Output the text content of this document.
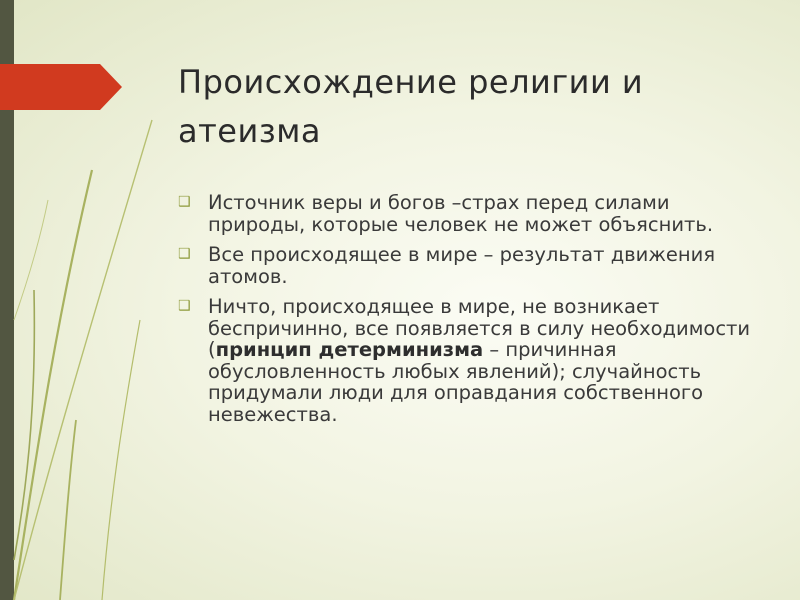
Происхождение религии и атеизма
❑ Источник веры и богов –страх перед силами природы, которые человек не может объяснить.
❑ Все происходящее в мире – результат движения атомов.
❑ Ничто, происходящее в мире, не возникает беспричинно, все появляется в силу необходимости (принцип детерминизма – причинная обусловленность любых явлений); случайность придумали люди для оправдания собственного невежества.
